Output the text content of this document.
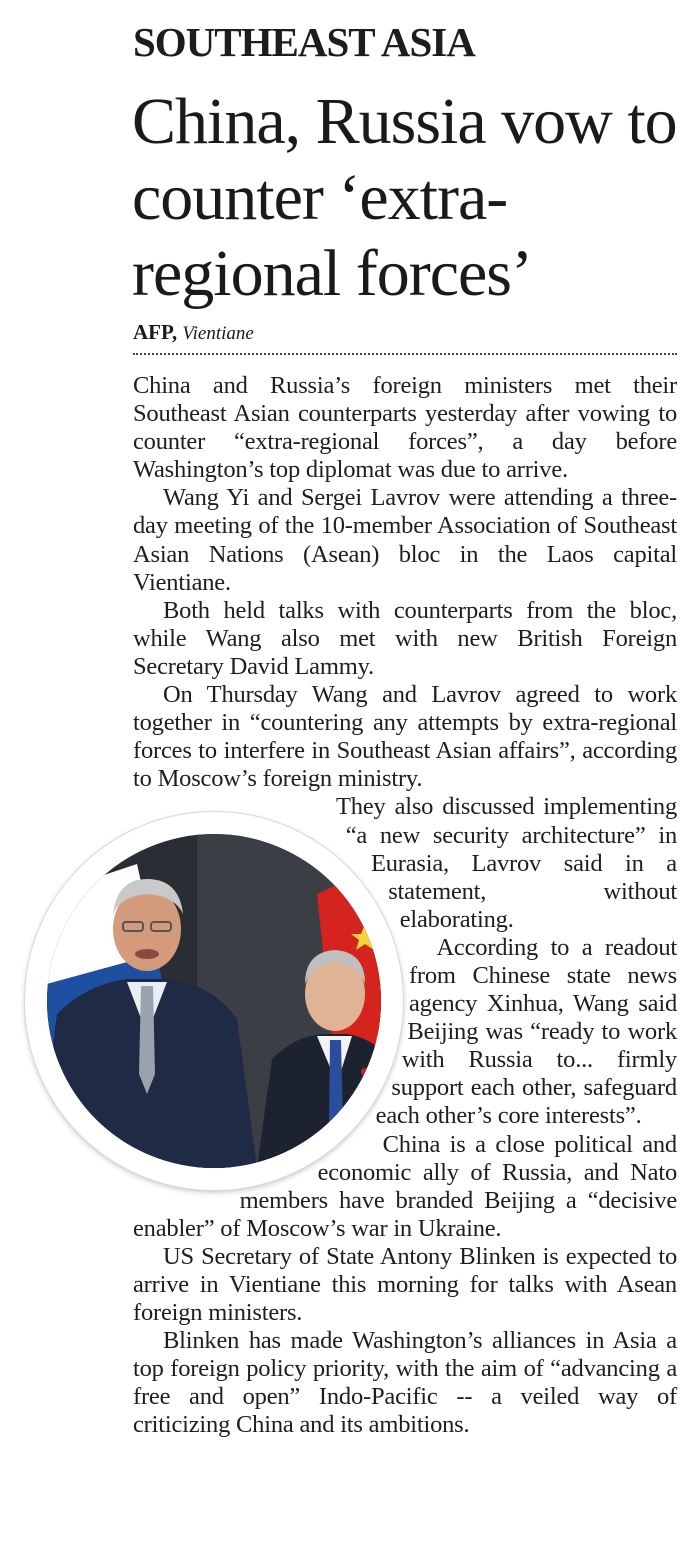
SOUTHEAST ASIA
China, Russia vow to counter ‘extra-regional forces’
AFP, Vientiane

China and Russia’s foreign ministers met their Southeast Asian counterparts yesterday after vowing to counter “extra-regional forces”, a day before Washington’s top diplomat was due to arrive.

Wang Yi and Sergei Lavrov were attending a three-day meeting of the 10-member Association of Southeast Asian Nations (Asean) bloc in the Laos capital Vientiane.

Both held talks with counterparts from the bloc, while Wang also met with new British Foreign Secretary David Lammy.

On Thursday Wang and Lavrov agreed to work together in “countering any attempts by extra-regional forces to interfere in Southeast Asian affairs”, according to Moscow’s foreign ministry.

They also discussed implementing “a new security architecture” in Eurasia, Lavrov said in a statement, without elaborating.

According to a readout from Chinese state news agency Xinhua, Wang said Beijing was “ready to work with Russia to... firmly support each other, safeguard each other’s core interests”.

China is a close political and economic ally of Russia, and Nato members have branded Beijing a “decisive enabler” of Moscow’s war in Ukraine.

US Secretary of State Antony Blinken is expected to arrive in Vientiane this morning for talks with Asean foreign ministers.

Blinken has made Washington’s alliances in Asia a top foreign policy priority, with the aim of “advancing a free and open” Indo-Pacific -- a veiled way of criticizing China and its ambitions.
